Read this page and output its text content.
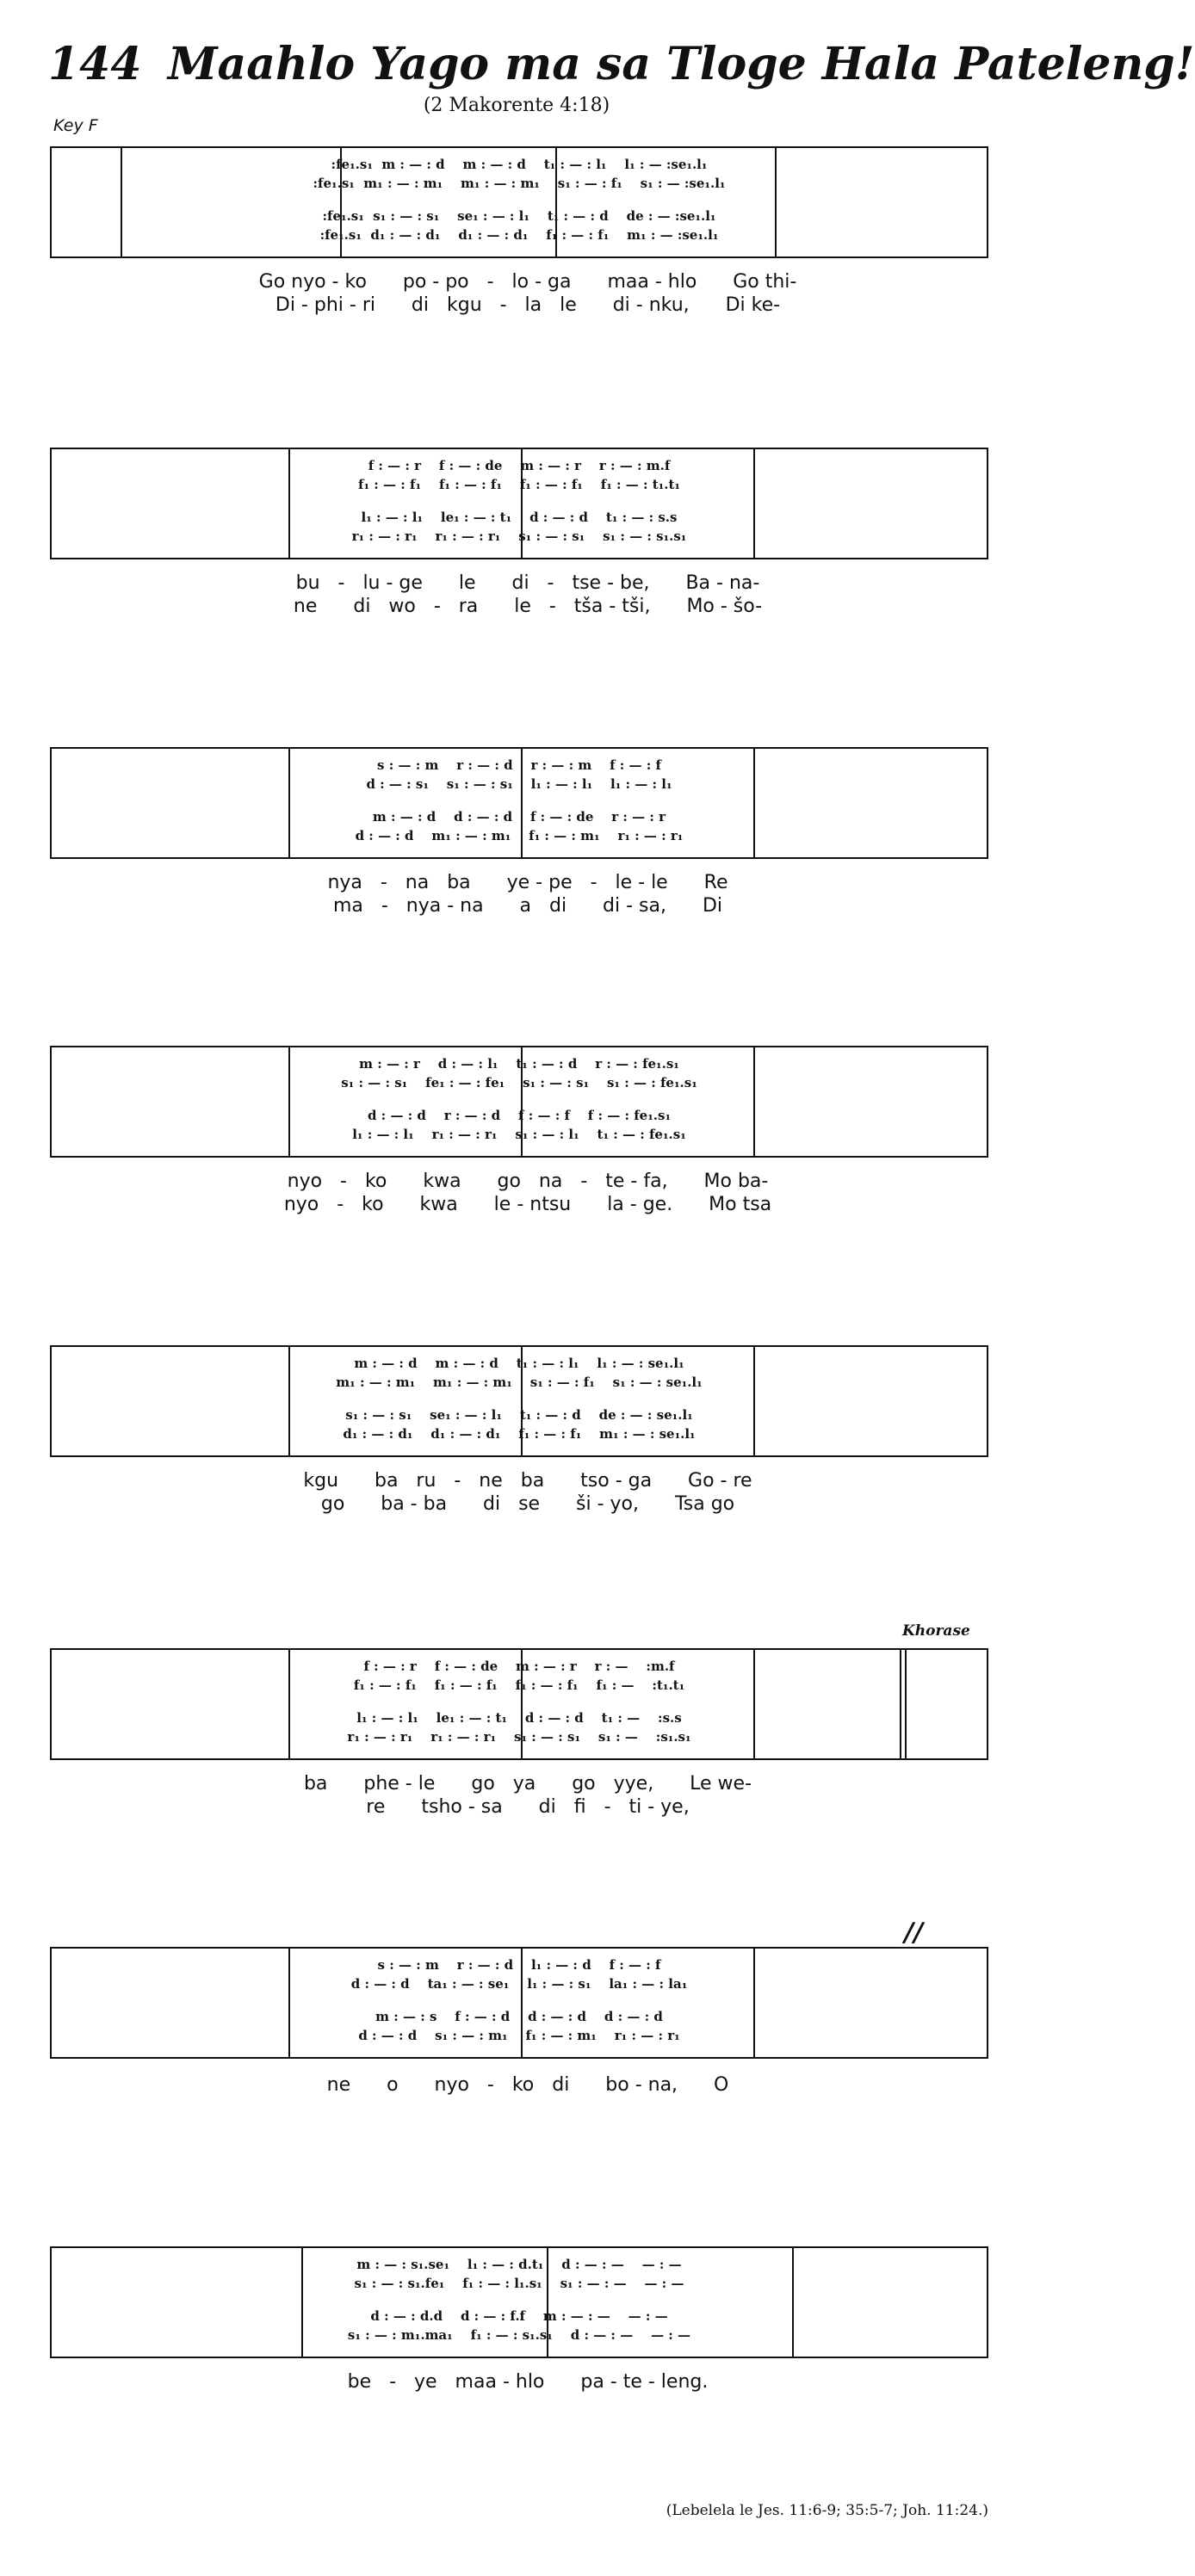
144 Maahlo Yago ma sa Tloge Hala Pateleng!
(2 Makorente 4:18)
Key F
Khorase
//
(Lebelela le Jes. 11:6-9; 35:5-7; Joh. 11:24.)
:fe₁.s₁  m : — : d    m : — : d    t₁ : — : l₁    l₁ : — :se₁.l₁
:fe₁.s₁  m₁ : — : m₁    m₁ : — : m₁    s₁ : — : f₁    s₁ : — :se₁.l₁
:fe₁.s₁  s₁ : — : s₁    se₁ : — : l₁    t₁ : — : d    de : — :se₁.l₁
:fe₁.s₁  d₁ : — : d₁    d₁ : — : d₁    f₁ : — : f₁    m₁ : — :se₁.l₁
Go nyo - ko      po - po   -   lo - ga      maa - hlo      Go thi-
Di - phi - ri      di   kgu   -   la   le      di - nku,      Di ke-
f : — : r    f : — : de    m : — : r    r : — : m.f
f₁ : — : f₁    f₁ : — : f₁    f₁ : — : f₁    f₁ : — : t₁.t₁
l₁ : — : l₁    le₁ : — : t₁    d : — : d    t₁ : — : s.s
r₁ : — : r₁    r₁ : — : r₁    s₁ : — : s₁    s₁ : — : s₁.s₁
bu   -   lu - ge      le      di   -   tse - be,      Ba - na-
ne      di   wo   -   ra      le   -   tša - tši,      Mo - šo-
s : — : m    r : — : d    r : — : m    f : — : f
d : — : s₁    s₁ : — : s₁    l₁ : — : l₁    l₁ : — : l₁
m : — : d    d : — : d    f : — : de    r : — : r
d : — : d    m₁ : — : m₁    f₁ : — : m₁    r₁ : — : r₁
nya   -   na   ba      ye - pe   -   le - le      Re
ma   -   nya - na      a   di      di - sa,      Di
m : — : r    d : — : l₁    t₁ : — : d    r : — : fe₁.s₁
s₁ : — : s₁    fe₁ : — : fe₁    s₁ : — : s₁    s₁ : — : fe₁.s₁
d : — : d    r : — : d    f : — : f    f : — : fe₁.s₁
l₁ : — : l₁    r₁ : — : r₁    s₁ : — : l₁    t₁ : — : fe₁.s₁
nyo   -   ko      kwa      go   na   -   te - fa,      Mo ba-
nyo   -   ko      kwa      le - ntsu      la - ge.      Mo tsa
m : — : d    m : — : d    t₁ : — : l₁    l₁ : — : se₁.l₁
m₁ : — : m₁    m₁ : — : m₁    s₁ : — : f₁    s₁ : — : se₁.l₁
s₁ : — : s₁    se₁ : — : l₁    t₁ : — : d    de : — : se₁.l₁
d₁ : — : d₁    d₁ : — : d₁    f₁ : — : f₁    m₁ : — : se₁.l₁
kgu      ba   ru   -   ne   ba      tso - ga      Go - re
go      ba - ba      di   se      ši - yo,      Tsa go
f : — : r    f : — : de    m : — : r    r : —    :m.f
f₁ : — : f₁    f₁ : — : f₁    f₁ : — : f₁    f₁ : —    :t₁.t₁
l₁ : — : l₁    le₁ : — : t₁    d : — : d    t₁ : —    :s.s
r₁ : — : r₁    r₁ : — : r₁    s₁ : — : s₁    s₁ : —    :s₁.s₁
ba      phe - le      go   ya      go   yye,      Le we-
re      tsho - sa      di   fi   -   ti - ye,
s : — : m    r : — : d    l₁ : — : d    f : — : f
d : — : d    ta₁ : — : se₁    l₁ : — : s₁    la₁ : — : la₁
m : — : s    f : — : d    d : — : d    d : — : d
d : — : d    s₁ : — : m₁    f₁ : — : m₁    r₁ : — : r₁
ne      o      nyo   -   ko   di      bo - na,      O
m : — : s₁.se₁    l₁ : — : d.t₁    d : — : —    — : —
s₁ : — : s₁.fe₁    f₁ : — : l₁.s₁    s₁ : — : —    — : —
d : — : d.d    d : — : f.f    m : — : —    — : —
s₁ : — : m₁.ma₁    f₁ : — : s₁.s₁    d : — : —    — : —
be   -   ye   maa - hlo      pa - te - leng.
